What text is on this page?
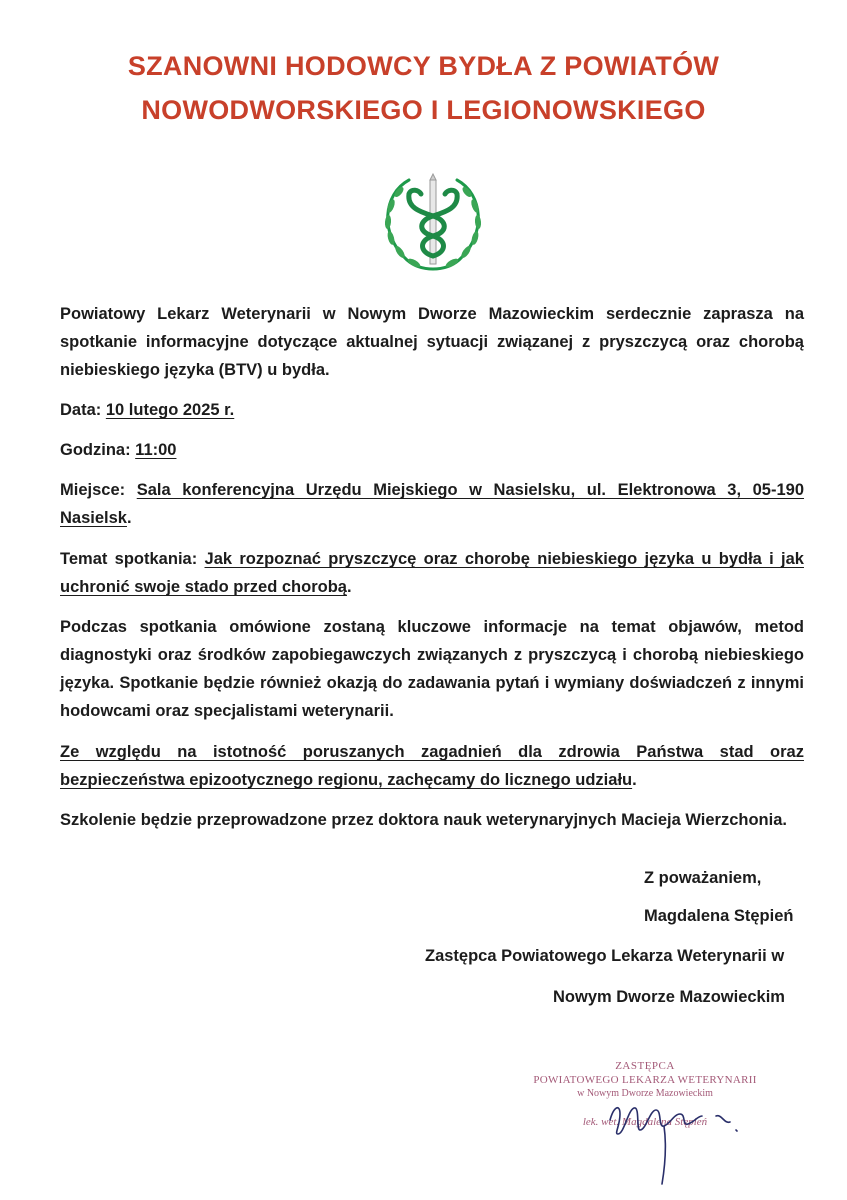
SZANOWNI HODOWCY BYDŁA Z POWIATÓW
NOWODWORSKIEGO I LEGIONOWSKIEGO

Powiatowy Lekarz Weterynarii w Nowym Dworze Mazowieckim serdecznie zaprasza na spotkanie informacyjne dotyczące aktualnej sytuacji związanej z pryszczycą oraz chorobą niebieskiego języka (BTV) u bydła.

Data: 10 lutego 2025 r.

Godzina: 11:00

Miejsce: Sala konferencyjna Urzędu Miejskiego w Nasielsku, ul. Elektronowa 3, 05-190 Nasielsk.

Temat spotkania: Jak rozpoznać pryszczycę oraz chorobę niebieskiego języka u bydła i jak uchronić swoje stado przed chorobą.

Podczas spotkania omówione zostaną kluczowe informacje na temat objawów, metod diagnostyki oraz środków zapobiegawczych związanych z pryszczycą i chorobą niebieskiego języka. Spotkanie będzie również okazją do zadawania pytań i wymiany doświadczeń z innymi hodowcami oraz specjalistami weterynarii.

Ze względu na istotność poruszanych zagadnień dla zdrowia Państwa stad oraz bezpieczeństwa epizootycznego regionu, zachęcamy do licznego udziału.

Szkolenie będzie przeprowadzone przez doktora nauk weterynaryjnych Macieja Wierzchonia.

Z poważaniem,
Magdalena Stępień
Zastępca Powiatowego Lekarza Weterynarii w
Nowym Dworze Mazowieckim
ZASTĘPCA
POWIATOWEGO LEKARZA WETERYNARII
w Nowym Dworze Mazowieckim
lek. wet. Magdalena Stępień
